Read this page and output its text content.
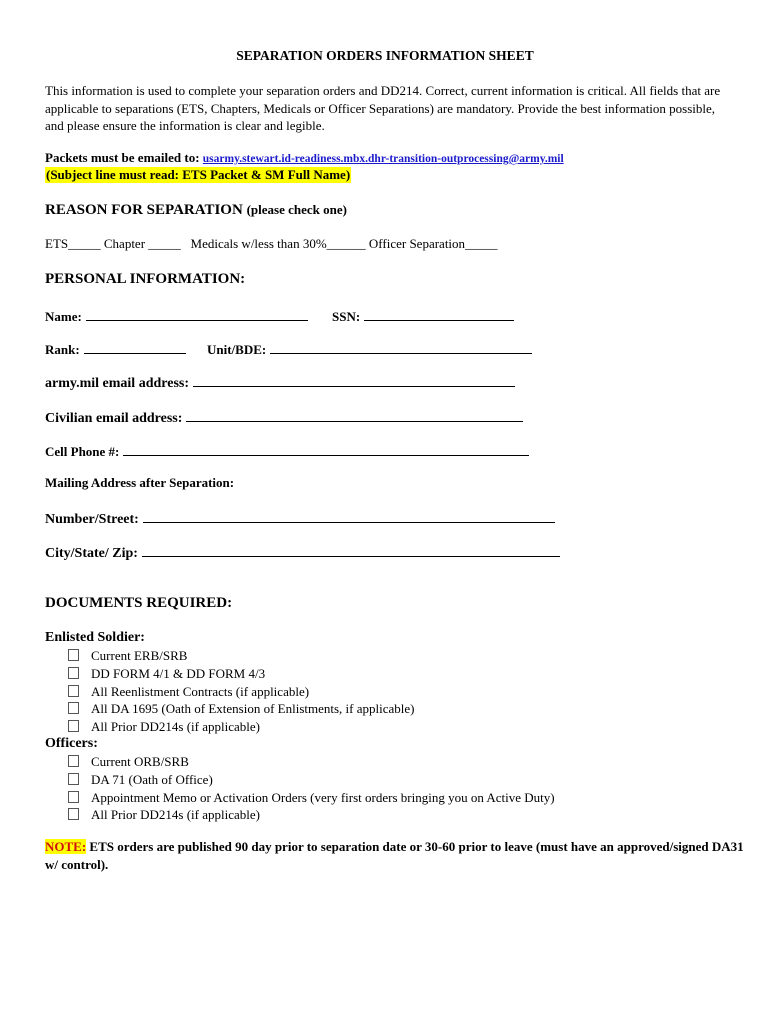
SEPARATION ORDERS INFORMATION SHEET

This information is used to complete your separation orders and DD214. Correct, current information is critical. All fields that are applicable to separations (ETS, Chapters, Medicals or Officer Separations) are mandatory. Provide the best information possible, and please ensure the information is clear and legible.

Packets must be emailed to: usarmy.stewart.id-readiness.mbx.dhr-transition-outprocessing@army.mil
(Subject line must read: ETS Packet & SM Full Name)
REASON FOR SEPARATION (please check one)
ETS_____ Chapter _____ Medicals w/less than 30%______ Officer Separation_____
PERSONAL INFORMATION:
Name:	SSN:
Rank:	Unit/BDE:
army.mil email address:
Civilian email address:
Cell Phone #:
Mailing Address after Separation:
Number/Street:
City/State/ Zip:
DOCUMENTS REQUIRED:
Enlisted Soldier:
Current ERB/SRB
DD FORM 4/1 & DD FORM 4/3
All Reenlistment Contracts (if applicable)
All DA 1695 (Oath of Extension of Enlistments, if applicable)
All Prior DD214s (if applicable)
Officers:
Current ORB/SRB
DA 71 (Oath of Office)
Appointment Memo or Activation Orders (very first orders bringing you on Active Duty)
All Prior DD214s (if applicable)
NOTE: ETS orders are published 90 day prior to separation date or 30-60 prior to leave (must have an approved/signed DA31 w/ control).
